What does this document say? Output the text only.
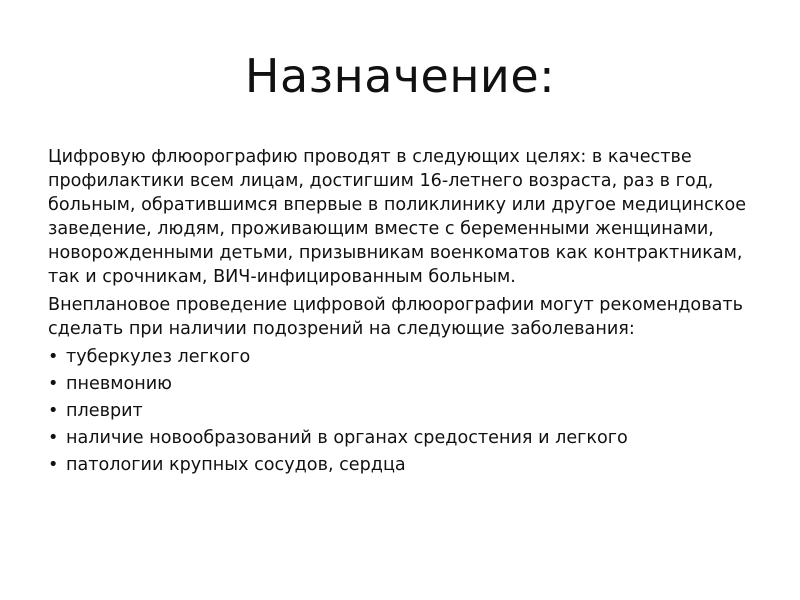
Назначение:

Цифровую флюорографию проводят в следующих целях: в качестве профилактики всем лицам, достигшим 16-летнего возраста, раз в год, больным, обратившимся впервые в поликлинику или другое медицинское заведение, людям, проживающим вместе с беременными женщинами, новорожденными детьми, призывникам военкоматов как контрактникам, так и срочникам, ВИЧ-инфицированным больным.

Внеплановое проведение цифровой флюорографии могут рекомендовать сделать при наличии подозрений на следующие заболевания:

• туберкулез легкого
• пневмонию
• плеврит
• наличие новообразований в органах средостения и легкого
• патологии крупных сосудов, сердца
